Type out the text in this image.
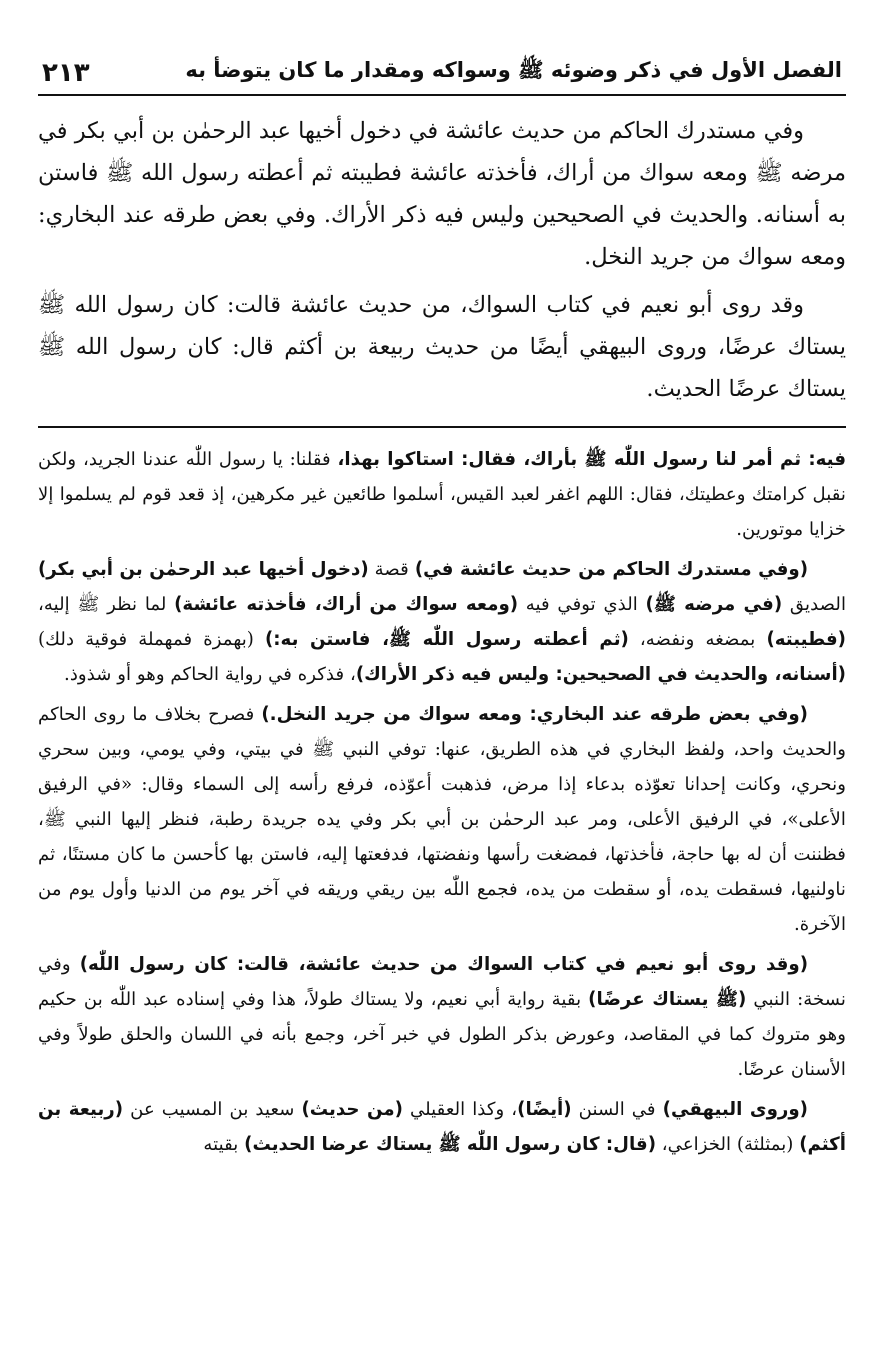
الفصل الأول في ذكر وضوئه ﷺ وسواكه ومقدار ما كان يتوضأ به
٢١٣

وفي مستدرك الحاكم من حديث عائشة في دخول أخيها عبد الرحمٰن بن أبي بكر في مرضه ﷺ ومعه سواك من أراك، فأخذته عائشة فطيبته ثم أعطته رسول الله ﷺ فاستن به أسنانه. والحديث في الصحيحين وليس فيه ذكر الأراك. وفي بعض طرقه عند البخاري: ومعه سواك من جريد النخل.

وقد روى أبو نعيم في كتاب السواك، من حديث عائشة قالت: كان رسول الله ﷺ يستاك عرضًا، وروى البيهقي أيضًا من حديث ربيعة بن أكثم قال: كان رسول الله ﷺ يستاك عرضًا الحديث.

فيه: ثم أمر لنا رسول اللّٰه ﷺ بأراك، فقال: استاكوا بهذا، فقلنا: يا رسول اللّٰه عندنا الجريد، ولكن نقبل كرامتك وعطيتك، فقال: اللهم اغفر لعبد القيس، أسلموا طائعين غير مكرهين، إذ قعد قوم لم يسلموا إلا خزايا موتورين.

(وفي مستدرك الحاكم من حديث عائشة في) قصة (دخول أخيها عبد الرحمٰن بن أبي بكر) الصديق (في مرضه ﷺ) الذي توفي فيه (ومعه سواك من أراك، فأخذته عائشة) لما نظر ﷺ إليه، (فطيبته) بمضغه ونفضه، (ثم أعطته رسول اللّٰه ﷺ، فاستن به:) (بهمزة فمهملة فوقية دلك)(أسنانه، والحديث في الصحيحين: وليس فيه ذكر الأراك)، فذكره في رواية الحاكم وهو أو شذوذ.

(وفي بعض طرقه عند البخاري: ومعه سواك من جريد النخل.) فصرح بخلاف ما روى الحاكم والحديث واحد، ولفظ البخاري في هذه الطريق، عنها: توفي النبي ﷺ في بيتي، وفي يومي، وبين سحري ونحري، وكانت إحدانا تعوّذه بدعاء إذا مرض، فذهبت أعوّذه، فرفع رأسه إلى السماء وقال: «في الرفيق الأعلى»، في الرفيق الأعلى، ومر عبد الرحمٰن بن أبي بكر وفي يده جريدة رطبة، فنظر إليها النبي ﷺ، فظننت أن له بها حاجة، فأخذتها، فمضغت رأسها ونفضتها، فدفعتها إليه، فاستن بها كأحسن ما كان مستنًا، ثم ناولنيها، فسقطت يده، أو سقطت من يده، فجمع اللّٰه بين ريقي وريقه في آخر يوم من الدنيا وأول يوم من الآخرة.

(وقد روى أبو نعيم في كتاب السواك من حديث عائشة، قالت: كان رسول اللّٰه) وفي نسخة: النبي (ﷺ يستاك عرضًا) بقية رواية أبي نعيم، ولا يستاك طولاً، هذا وفي إسناده عبد اللّٰه بن حكيم وهو متروك كما في المقاصد، وعورض بذكر الطول في خبر آخر، وجمع بأنه في اللسان والحلق طولاً وفي الأسنان عرضًا.

(وروى البيهقي) في السنن (أيضًا)، وكذا العقيلي (من حديث) سعيد بن المسيب عن (ربيعة بن أكثم) (بمثلثة) الخزاعي، (قال: كان رسول اللّٰه ﷺ يستاك عرضا الحديث) بقيته
